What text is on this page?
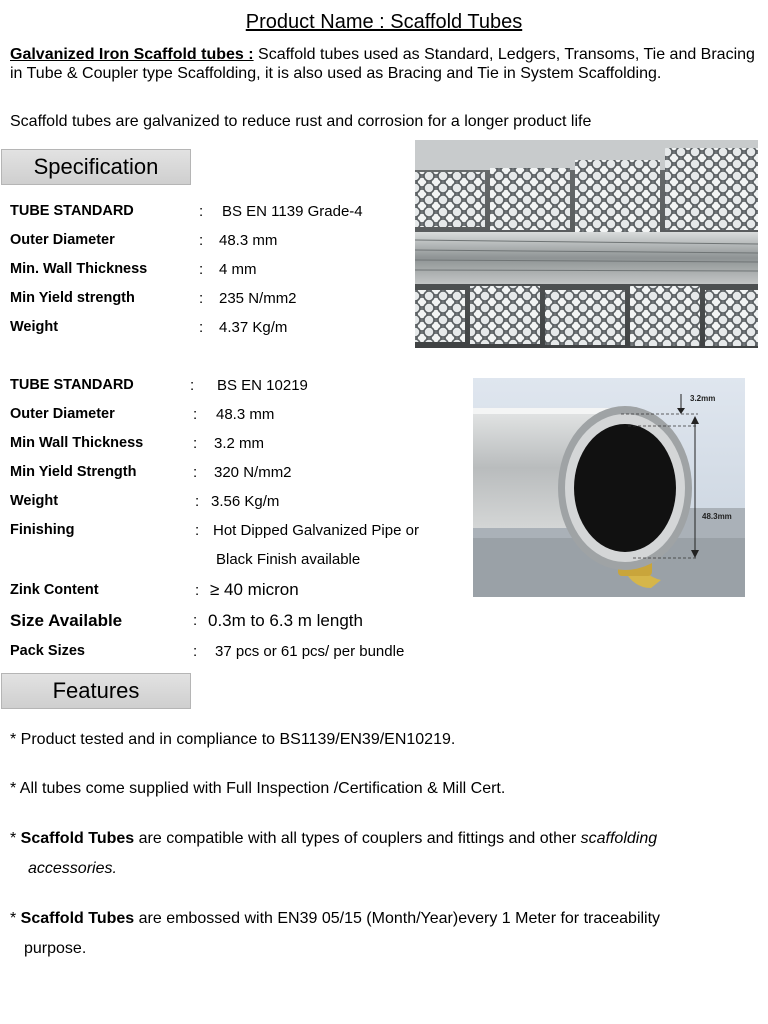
Product Name : Scaffold Tubes
Galvanized Iron Scaffold tubes : Scaffold tubes used as Standard, Ledgers, Transoms, Tie and Bracing in Tube & Coupler type Scaffolding, it is also used as Bracing and Tie in System Scaffolding.
Scaffold tubes are galvanized to reduce rust and corrosion for a longer product life
Specification
TUBE STANDARD	: BS EN 1139 Grade-4
Outer Diameter	: 48.3 mm
Min. Wall Thickness	: 4 mm
Min Yield strength	: 235 N/mm2
Weight	: 4.37 Kg/m
TUBE STANDARD	: BS EN 10219
Outer Diameter	: 48.3 mm
Min Wall Thickness	: 3.2 mm
Min Yield Strength	: 320 N/mm2
Weight	: 3.56 Kg/m
Finishing	: Hot Dipped Galvanized Pipe or
Black Finish available
Zink Content	: ≥ 40 micron
Size Available	: 0.3m to 6.3 m length
Pack Sizes	: 37 pcs or 61 pcs/ per bundle
3.2mm
48.3mm
Features
* Product tested and in compliance to BS1139/EN39/EN10219.
* All tubes come supplied with Full Inspection /Certification & Mill Cert.
* Scaffold Tubes are compatible with all types of couplers and fittings and other scaffolding
accessories.
* Scaffold Tubes are embossed with EN39 05/15 (Month/Year)every 1 Meter for traceability
purpose.
